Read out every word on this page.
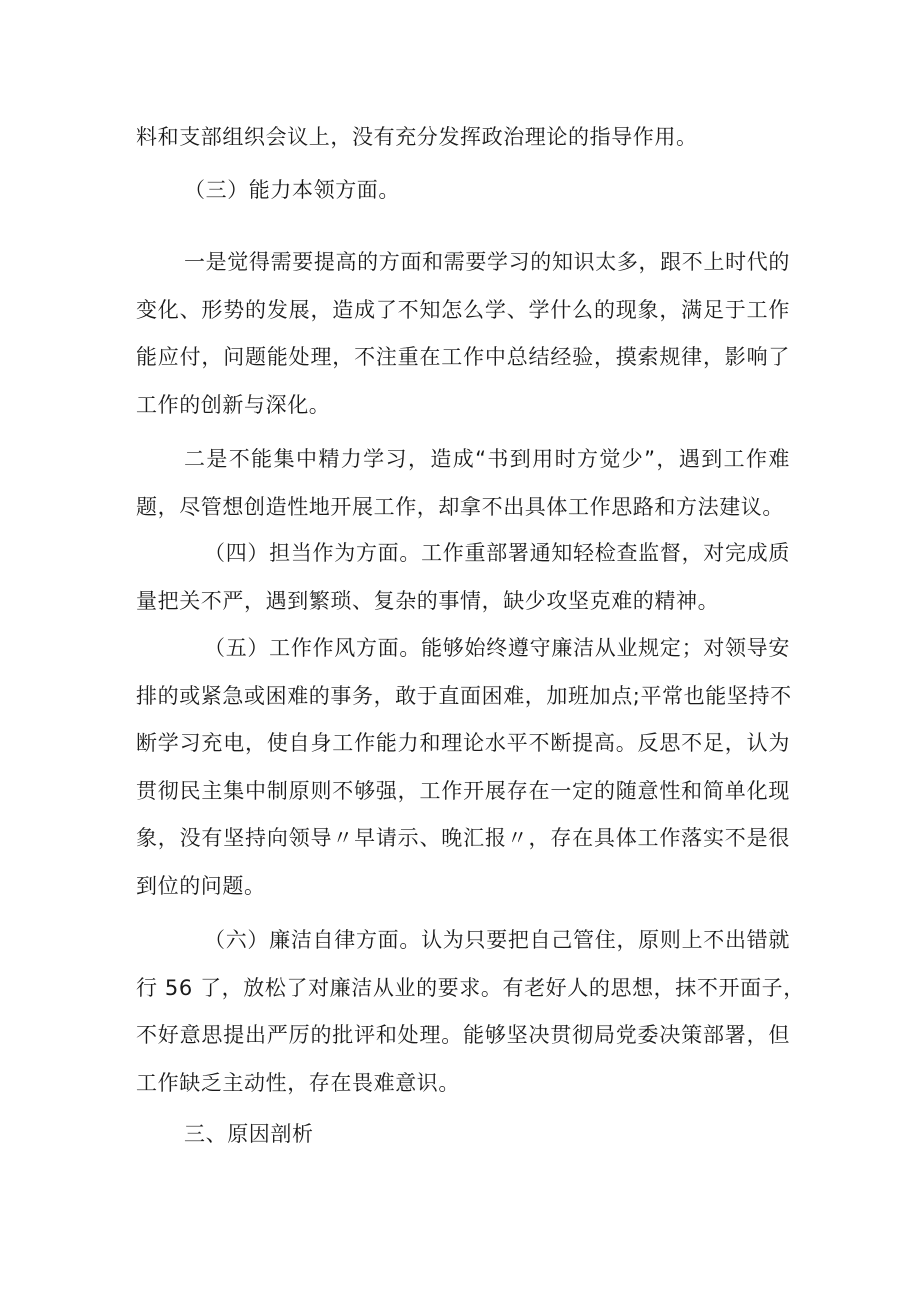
料和支部组织会议上，没有充分发挥政治理论的指导作用。

（三）能力本领方面。

一是觉得需要提高的方面和需要学习的知识太多，跟不上时代的
变化、形势的发展，造成了不知怎么学、学什么的现象，满足于工作
能应付，问题能处理，不注重在工作中总结经验，摸索规律，影响了
工作的创新与深化。

二是不能集中精力学习，造成“书到用时方觉少”，遇到工作难
题，尽管想创造性地开展工作，却拿不出具体工作思路和方法建议。

（四）担当作为方面。工作重部署通知轻检查监督，对完成质
量把关不严，遇到繁琐、复杂的事情，缺少攻坚克难的精神。

（五）工作作风方面。能够始终遵守廉洁从业规定；对领导安
排的或紧急或困难的事务，敢于直面困难，加班加点;平常也能坚持不
断学习充电，使自身工作能力和理论水平不断提高。反思不足，认为
贯彻民主集中制原则不够强，工作开展存在一定的随意性和简单化现
象，没有坚持向领导〃早请示、晚汇报〃，存在具体工作落实不是很
到位的问题。

（六）廉洁自律方面。认为只要把自己管住，原则上不出错就
行 56 了，放松了对廉洁从业的要求。有老好人的思想，抹不开面子，
不好意思提出严厉的批评和处理。能够坚决贯彻局党委决策部署，但
工作缺乏主动性，存在畏难意识。

三、原因剖析
